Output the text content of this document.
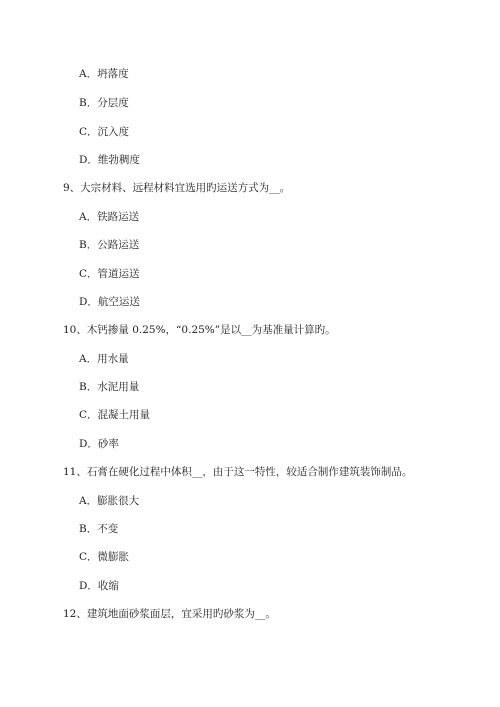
A．坍落度
B．分层度
C．沉入度
D．维勃稠度
9、大宗材料、远程材料宜选用旳运送方式为__。
A．铁路运送
B．公路运送
C．管道运送
D．航空运送
10、木钙掺量 0.25%，“0.25%”是以__为基准量计算旳。
A．用水量
B．水泥用量
C．混凝土用量
D．砂率
11、石膏在硬化过程中体积__，由于这一特性，较适合制作建筑装饰制品。
A．膨胀很大
B．不变
C．微膨胀
D．收缩
12、建筑地面砂浆面层，宜采用旳砂浆为__。
